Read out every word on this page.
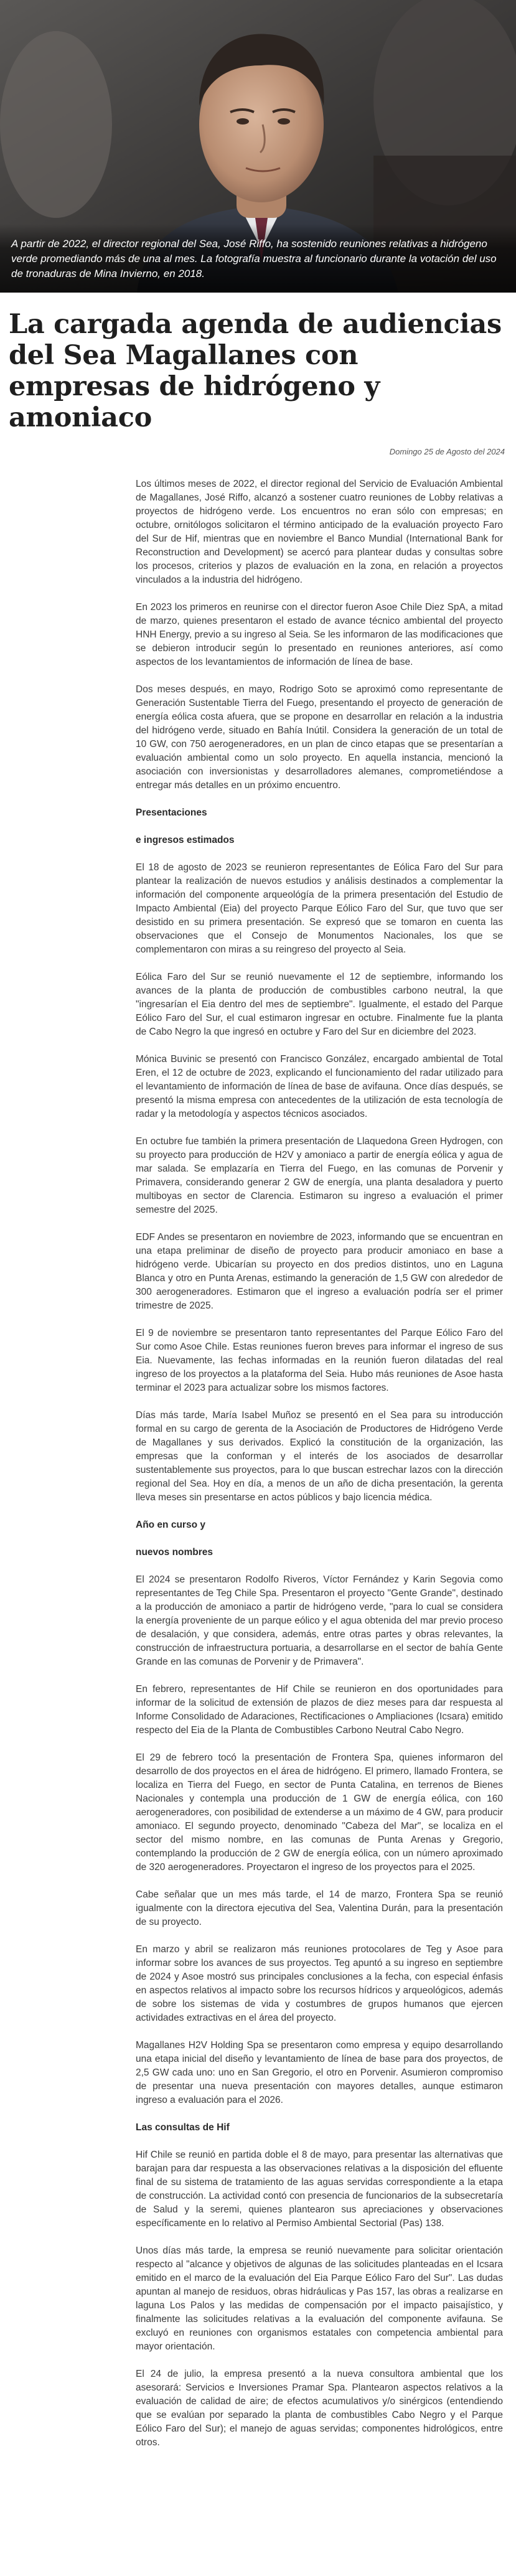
A partir de 2022, el director regional del Sea, José Riffo, ha sostenido reuniones relativas a hidrógeno verde promediando más de una al mes. La fotografía muestra al funcionario durante la votación del uso de tronaduras de Mina Invierno, en 2018.
La cargada agenda de audiencias del Sea Magallanes con empresas de hidrógeno y amoniaco
Domingo 25 de Agosto del 2024

Los últimos meses de 2022, el director regional del Servicio de Evaluación Ambiental de Magallanes, José Riffo, alcanzó a sostener cuatro reuniones de Lobby relativas a proyectos de hidrógeno verde. Los encuentros no eran sólo con empresas; en octubre, ornitólogos solicitaron el término anticipado de la evaluación proyecto Faro del Sur de Hif, mientras que en noviembre el Banco Mundial (International Bank for Reconstruction and Development) se acercó para plantear dudas y consultas sobre los procesos, criterios y plazos de evaluación en la zona, en relación a proyectos vinculados a la industria del hidrógeno.

En 2023 los primeros en reunirse con el director fueron Asoe Chile Diez SpA, a mitad de marzo, quienes presentaron el estado de avance técnico ambiental del proyecto HNH Energy, previo a su ingreso al Seia. Se les informaron de las modificaciones que se debieron introducir según lo presentado en reuniones anteriores, así como aspectos de los levantamientos de información de línea de base.

Dos meses después, en mayo, Rodrigo Soto se aproximó como representante de Generación Sustentable Tierra del Fuego, presentando el proyecto de generación de energía eólica costa afuera, que se propone en desarrollar en relación a la industria del hidrógeno verde, situado en Bahía Inútil. Considera la generación de un total de 10 GW, con 750 aerogeneradores, en un plan de cinco etapas que se presentarían a evaluación ambiental como un solo proyecto. En aquella instancia, mencionó la asociación con inversionistas y desarrolladores alemanes, comprometiéndose a entregar más detalles en un próximo encuentro.

Presentaciones
e ingresos estimados

El 18 de agosto de 2023 se reunieron representantes de Eólica Faro del Sur para plantear la realización de nuevos estudios y análisis destinados a complementar la información del componente arqueológía de la primera presentación del Estudio de Impacto Ambiental (Eia) del proyecto Parque Eólico Faro del Sur, que tuvo que ser desistido en su primera presentación. Se expresó que se tomaron en cuenta las observaciones que el Consejo de Monumentos Nacionales, los que se complementaron con miras a su reingreso del proyecto al Seia.

Eólica Faro del Sur se reunió nuevamente el 12 de septiembre, informando los avances de la planta de producción de combustibles carbono neutral, la que "ingresarían el Eia dentro del mes de septiembre". Igualmente, el estado del Parque Eólico Faro del Sur, el cual estimaron ingresar en octubre. Finalmente fue la planta de Cabo Negro la que ingresó en octubre y Faro del Sur en diciembre del 2023.

Mónica Buvinic se presentó con Francisco González, encargado ambiental de Total Eren, el 12 de octubre de 2023, explicando el funcionamiento del radar utilizado para el levantamiento de información de línea de base de avifauna. Once días después, se presentó la misma empresa con antecedentes de la utilización de esta tecnología de radar y la metodología y aspectos técnicos asociados.

En octubre fue también la primera presentación de Llaquedona Green Hydrogen, con su proyecto para producción de H2V y amoniaco a partir de energía eólica y agua de mar salada. Se emplazaría en Tierra del Fuego, en las comunas de Porvenir y Primavera, considerando generar 2 GW de energía, una planta desaladora y puerto multiboyas en sector de Clarencia. Estimaron su ingreso a evaluación el primer semestre del 2025.

EDF Andes se presentaron en noviembre de 2023, informando que se encuentran en una etapa preliminar de diseño de proyecto para producir amoniaco en base a hidrógeno verde. Ubicarían su proyecto en dos predios distintos, uno en Laguna Blanca y otro en Punta Arenas, estimando la generación de 1,5 GW con alrededor de 300 aerogeneradores. Estimaron que el ingreso a evaluación podría ser el primer trimestre de 2025.

El 9 de noviembre se presentaron tanto representantes del Parque Eólico Faro del Sur como Asoe Chile. Estas reuniones fueron breves para informar el ingreso de sus Eia. Nuevamente, las fechas informadas en la reunión fueron dilatadas del real ingreso de los proyectos a la plataforma del Seia. Hubo más reuniones de Asoe hasta terminar el 2023 para actualizar sobre los mismos factores.

Días más tarde, María Isabel Muñoz se presentó en el Sea para su introducción formal en su cargo de gerenta de la Asociación de Productores de Hidrógeno Verde de Magallanes y sus derivados. Explicó la constitución de la organización, las empresas que la conforman y el interés de los asociados de desarrollar sustentablemente sus proyectos, para lo que buscan estrechar lazos con la dirección regional del Sea. Hoy en día, a menos de un año de dicha presentación, la gerenta lleva meses sin presentarse en actos públicos y bajo licencia médica.

Año en curso y
nuevos nombres

El 2024 se presentaron Rodolfo Riveros, Víctor Fernández y Karin Segovia como representantes de Teg Chile Spa. Presentaron el proyecto "Gente Grande", destinado a la producción de amoniaco a partir de hidrógeno verde, "para lo cual se considera la energía proveniente de un parque eólico y el agua obtenida del mar previo proceso de desalación, y que considera, además, entre otras partes y obras relevantes, la construcción de infraestructura portuaria, a desarrollarse en el sector de bahía Gente Grande en las comunas de Porvenir y de Primavera".

En febrero, representantes de Hif Chile se reunieron en dos oportunidades para informar de la solicitud de extensión de plazos de diez meses para dar respuesta al Informe Consolidado de Adaraciones, Rectificaciones o Ampliaciones (Icsara) emitido respecto del Eia de la Planta de Combustibles Carbono Neutral Cabo Negro.

El 29 de febrero tocó la presentación de Frontera Spa, quienes informaron del desarrollo de dos proyectos en el área de hidrógeno. El primero, llamado Frontera, se localiza en Tierra del Fuego, en sector de Punta Catalina, en terrenos de Bienes Nacionales y contempla una producción de 1 GW de energía eólica, con 160 aerogeneradores, con posibilidad de extenderse a un máximo de 4 GW, para producir amoniaco. El segundo proyecto, denominado "Cabeza del Mar", se localiza en el sector del mismo nombre, en las comunas de Punta Arenas y Gregorio, contemplando la producción de 2 GW de energía eólica, con un número aproximado de 320 aerogeneradores. Proyectaron el ingreso de los proyectos para el 2025.

Cabe señalar que un mes más tarde, el 14 de marzo, Frontera Spa se reunió igualmente con la directora ejecutiva del Sea, Valentina Durán, para la presentación de su proyecto.

En marzo y abril se realizaron más reuniones protocolares de Teg y Asoe para informar sobre los avances de sus proyectos. Teg apuntó a su ingreso en septiembre de 2024 y Asoe mostró sus principales conclusiones a la fecha, con especial énfasis en aspectos relativos al impacto sobre los recursos hídricos y arqueológicos, además de sobre los sistemas de vida y costumbres de grupos humanos que ejercen actividades extractivas en el área del proyecto.

Magallanes H2V Holding Spa se presentaron como empresa y equipo desarrollando una etapa inicial del diseño y levantamiento de línea de base para dos proyectos, de 2,5 GW cada uno: uno en San Gregorio, el otro en Porvenir. Asumieron compromiso de presentar una nueva presentación con mayores detalles, aunque estimaron ingreso a evaluación para el 2026.

Las consultas de Hif

Hif Chile se reunió en partida doble el 8 de mayo, para presentar las alternativas que barajan para dar respuesta a las observaciones relativas a la disposición del efluente final de su sistema de tratamiento de las aguas servidas correspondiente a la etapa de construcción. La actividad contó con presencia de funcionarios de la subsecretaría de Salud y la seremi, quienes plantearon sus apreciaciones y observaciones específicamente en lo relativo al Permiso Ambiental Sectorial (Pas) 138.

Unos días más tarde, la empresa se reunió nuevamente para solicitar orientación respecto al "alcance y objetivos de algunas de las solicitudes planteadas en el Icsara emitido en el marco de la evaluación del Eia Parque Eólico Faro del Sur". Las dudas apuntan al manejo de residuos, obras hidráulicas y Pas 157, las obras a realizarse en laguna Los Palos y las medidas de compensación por el impacto paisajístico, y finalmente las solicitudes relativas a la evaluación del componente avifauna. Se excluyó en reuniones con organismos estatales con competencia ambiental para mayor orientación.

El 24 de julio, la empresa presentó a la nueva consultora ambiental que los asesorará: Servicios e Inversiones Pramar Spa. Plantearon aspectos relativos a la evaluación de calidad de aire; de efectos acumulativos y/o sinérgicos (entendiendo que se evalúan por separado la planta de combustibles Cabo Negro y el Parque Eólico Faro del Sur); el manejo de aguas servidas; componentes hidrológicos, entre otros.
